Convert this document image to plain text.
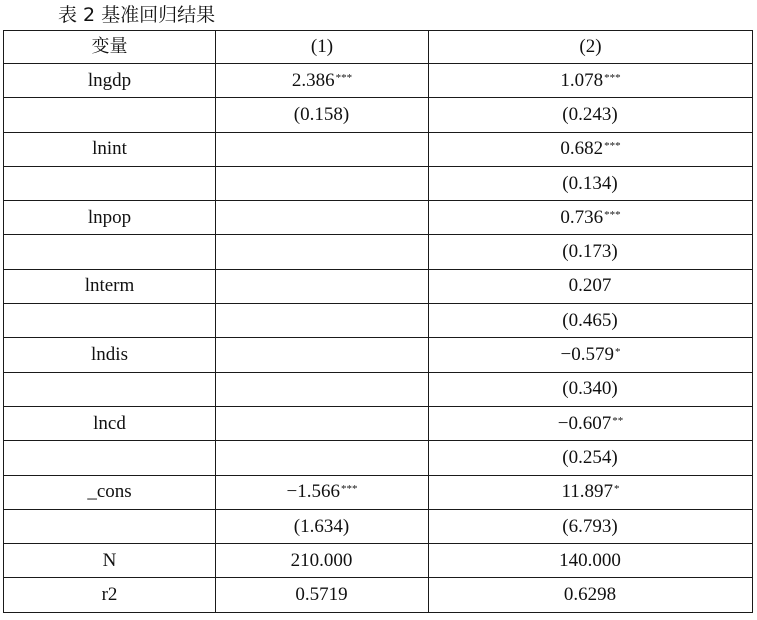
表 2 基准回归结果
变量	(1)	(2)
lngdp	2.386***	1.078***
	(0.158)	(0.243)
lnint		0.682***
		(0.134)
lnpop		0.736***
		(0.173)
lnterm		0.207
		(0.465)
lndis		−0.579*
		(0.340)
lncd		−0.607**
		(0.254)
_cons	−1.566***	11.897*
	(1.634)	(6.793)
N	210.000	140.000
r2	0.5719	0.6298
